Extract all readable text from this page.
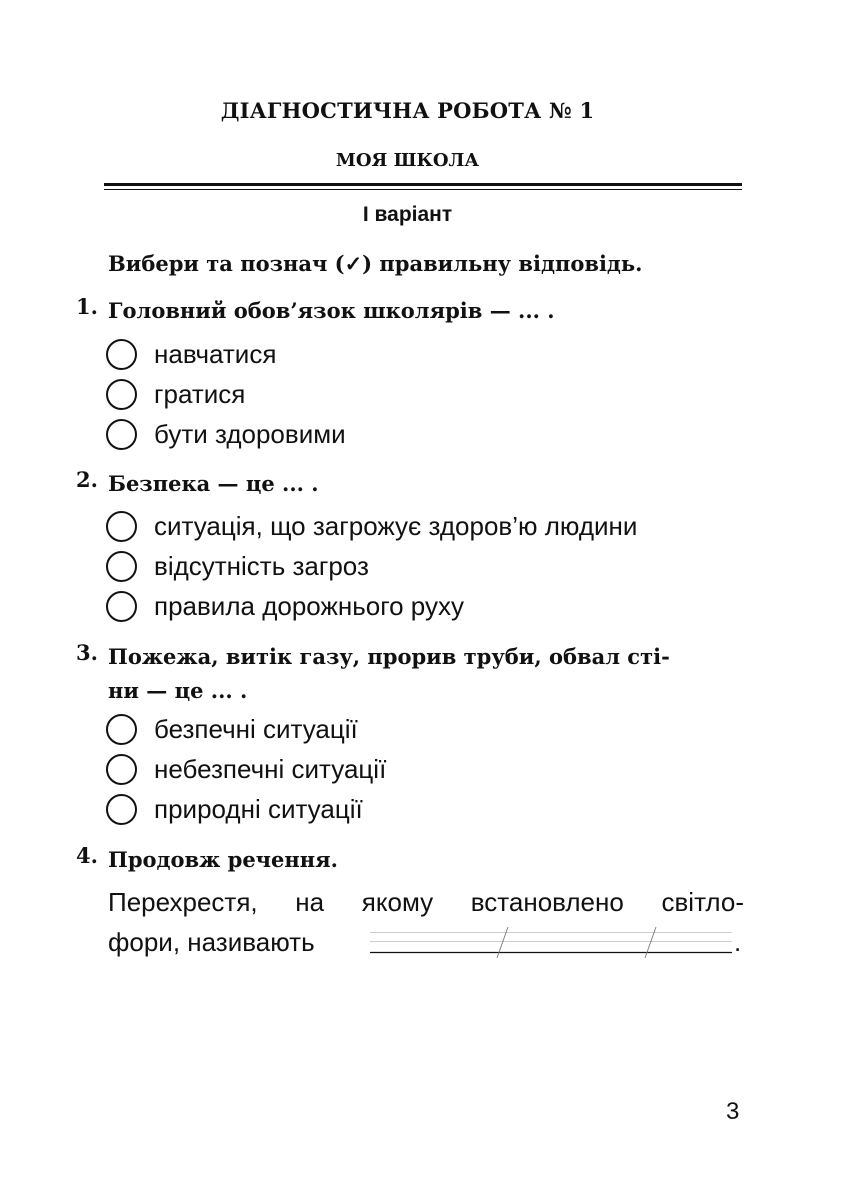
ДІАГНОСТИЧНА РОБОТА № 1
МОЯ ШКОЛА
І варіант
Вибери та познач (✓) правильну відповідь.
1. Головний обов’язок школярів — ... .
навчатися
гратися
бути здоровими
2. Безпека — це ... .
ситуація, що загрожує здоров’ю людини
відсутність загроз
правила дорожнього руху
3. Пожежа, витік газу, прорив труби, обвал сті-
ни — це ... .
безпечні ситуації
небезпечні ситуації
природні ситуації
4. Продовж речення.
Перехрестя, на якому встановлено світло-
фори, називають	.
3
